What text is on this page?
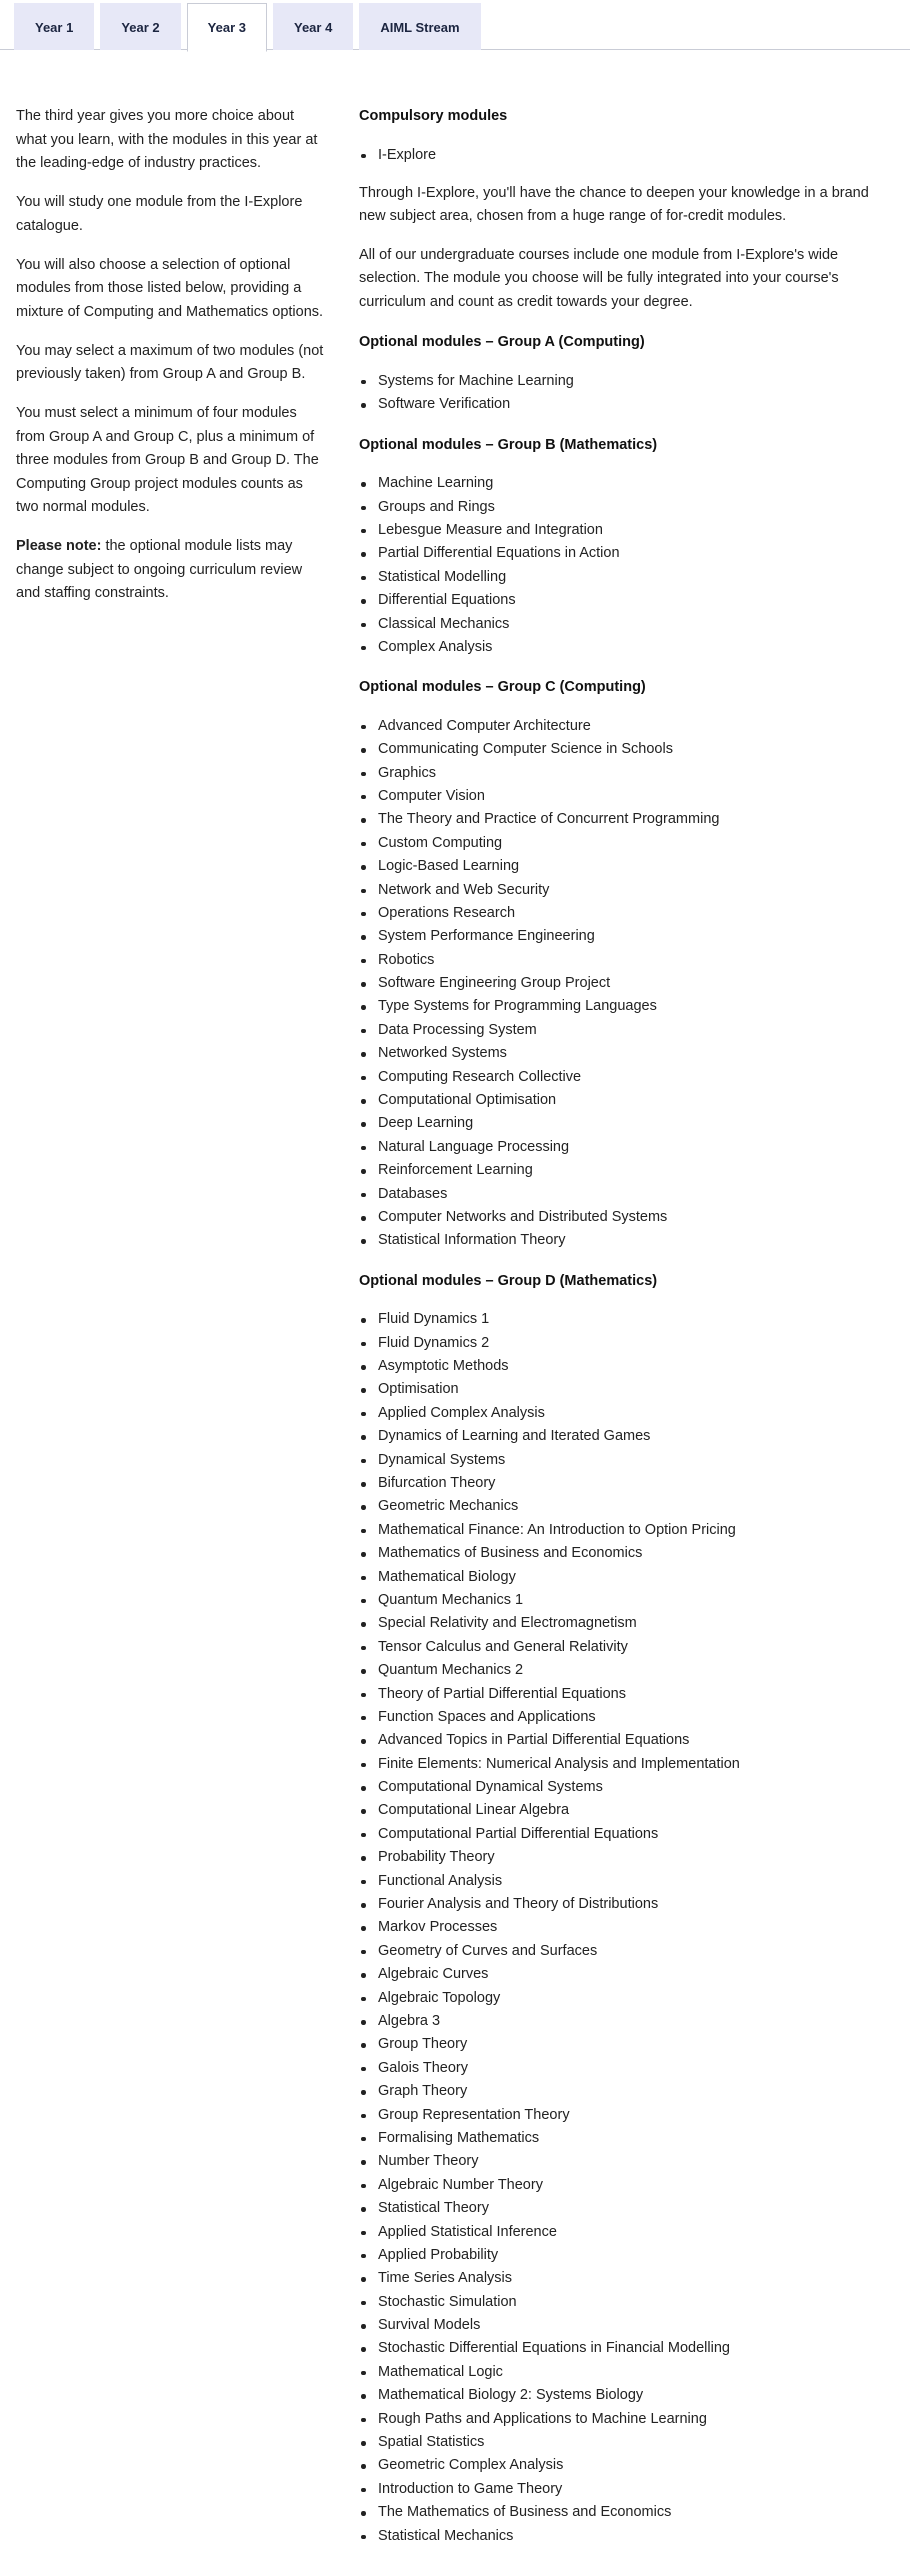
Year 1	Year 2	Year 3	Year 4	AIML Stream

The third year gives you more choice about what you learn, with the modules in this year at the leading-edge of industry practices.

You will study one module from the I-Explore catalogue.

You will also choose a selection of optional modules from those listed below, providing a mixture of Computing and Mathematics options.

You may select a maximum of two modules (not previously taken) from Group A and Group B.

You must select a minimum of four modules from Group A and Group C, plus a minimum of three modules from Group B and Group D. The Computing Group project modules counts as two normal modules.

Please note: the optional module lists may change subject to ongoing curriculum review and staffing constraints.

Compulsory modules
I-Explore

Through I-Explore, you'll have the chance to deepen your knowledge in a brand new subject area, chosen from a huge range of for-credit modules.

All of our undergraduate courses include one module from I-Explore's wide selection. The module you choose will be fully integrated into your course's curriculum and count as credit towards your degree.

Optional modules – Group A (Computing)
Systems for Machine Learning
Software Verification
Optional modules – Group B (Mathematics)
Machine Learning
Groups and Rings
Lebesgue Measure and Integration
Partial Differential Equations in Action
Statistical Modelling
Differential Equations
Classical Mechanics
Complex Analysis
Optional modules – Group C (Computing)
Advanced Computer Architecture
Communicating Computer Science in Schools
Graphics
Computer Vision
The Theory and Practice of Concurrent Programming
Custom Computing
Logic-Based Learning
Network and Web Security
Operations Research
System Performance Engineering
Robotics
Software Engineering Group Project
Type Systems for Programming Languages
Data Processing System
Networked Systems
Computing Research Collective
Computational Optimisation
Deep Learning
Natural Language Processing
Reinforcement Learning
Databases
Computer Networks and Distributed Systems
Statistical Information Theory
Optional modules – Group D (Mathematics)
Fluid Dynamics 1
Fluid Dynamics 2
Asymptotic Methods
Optimisation
Applied Complex Analysis
Dynamics of Learning and Iterated Games
Dynamical Systems
Bifurcation Theory
Geometric Mechanics
Mathematical Finance: An Introduction to Option Pricing
Mathematics of Business and Economics
Mathematical Biology
Quantum Mechanics 1
Special Relativity and Electromagnetism
Tensor Calculus and General Relativity
Quantum Mechanics 2
Theory of Partial Differential Equations
Function Spaces and Applications
Advanced Topics in Partial Differential Equations
Finite Elements: Numerical Analysis and Implementation
Computational Dynamical Systems
Computational Linear Algebra
Computational Partial Differential Equations
Probability Theory
Functional Analysis
Fourier Analysis and Theory of Distributions
Markov Processes
Geometry of Curves and Surfaces
Algebraic Curves
Algebraic Topology
Algebra 3
Group Theory
Galois Theory
Graph Theory
Group Representation Theory
Formalising Mathematics
Number Theory
Algebraic Number Theory
Statistical Theory
Applied Statistical Inference
Applied Probability
Time Series Analysis
Stochastic Simulation
Survival Models
Stochastic Differential Equations in Financial Modelling
Mathematical Logic
Mathematical Biology 2: Systems Biology
Rough Paths and Applications to Machine Learning
Spatial Statistics
Geometric Complex Analysis
Introduction to Game Theory
The Mathematics of Business and Economics
Statistical Mechanics
